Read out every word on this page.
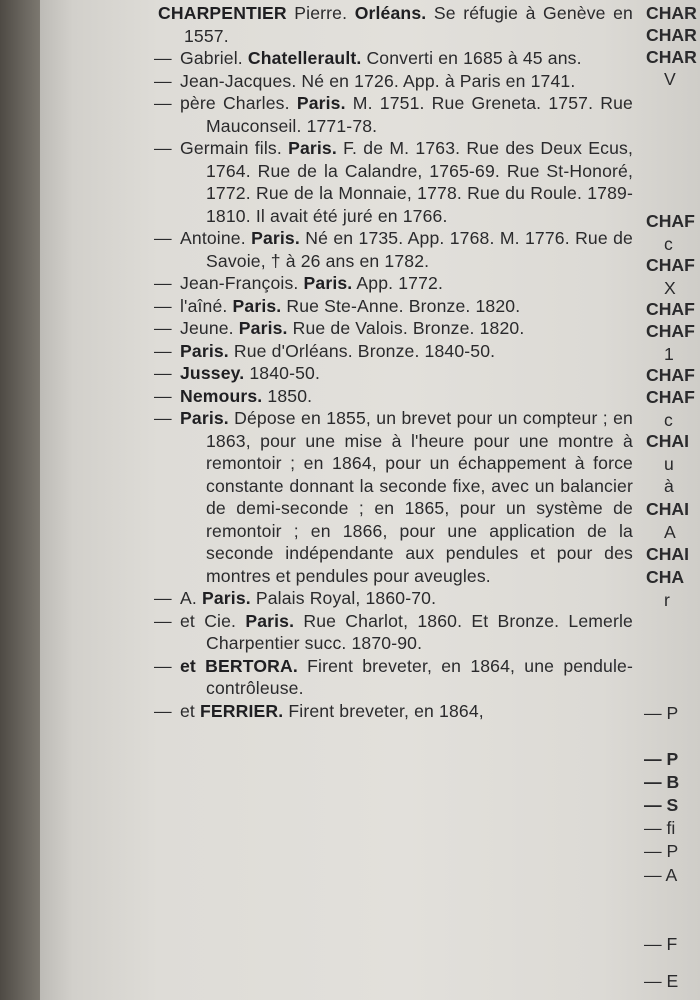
CHARPENTIER Pierre. Orléans. Se réfugie à Genève en 1557.
— Gabriel. Chatellerault. Converti en 1685 à 45 ans.
— Jean-Jacques. Né en 1726. App. à Paris en 1741.
— père Charles. Paris. M. 1751. Rue Greneta. 1757. Rue Mauconseil. 1771-78.
— Germain fils. Paris. F. de M. 1763. Rue des Deux Ecus, 1764. Rue de la Calandre, 1765-69. Rue St-Honoré, 1772. Rue de la Monnaie, 1778. Rue du Roule. 1789-1810. Il avait été juré en 1766.
— Antoine. Paris. Né en 1735. App. 1768. M. 1776. Rue de Savoie, † à 26 ans en 1782.
— Jean-François. Paris. App. 1772.
— l'aîné. Paris. Rue Ste-Anne. Bronze. 1820.
— Jeune. Paris. Rue de Valois. Bronze. 1820.
— Paris. Rue d'Orléans. Bronze. 1840-50.
— Jussey. 1840-50.
— Nemours. 1850.
— Paris. Dépose en 1855, un brevet pour un compteur ; en 1863, pour une mise à l'heure pour une montre à remontoir ; en 1864, pour un échappement à force constante donnant la seconde fixe, avec un balancier de demi-seconde ; en 1865, pour un système de remontoir ; en 1866, pour une application de la seconde indépendante aux pendules et pour des montres et pendules pour aveugles.
— A. Paris. Palais Royal, 1860-70.
— et Cie. Paris. Rue Charlot, 1860. Et Bronze. Lemerle Charpentier succ. 1870-90.
— et BERTORA. Firent breveter, en 1864, une pendule-contrôleuse.
— et FERRIER. Firent breveter, en 1864,
CHAR
CHAR
CHAR
V
CHAF
c
CHAF
X
CHAF
CHAF
1
CHAF
CHAF
c
CHAI
u
à
CHAI
A
CHAI
CHA
r
— P
— P
— B
— S
— fi
— P
— A
— F
— E
